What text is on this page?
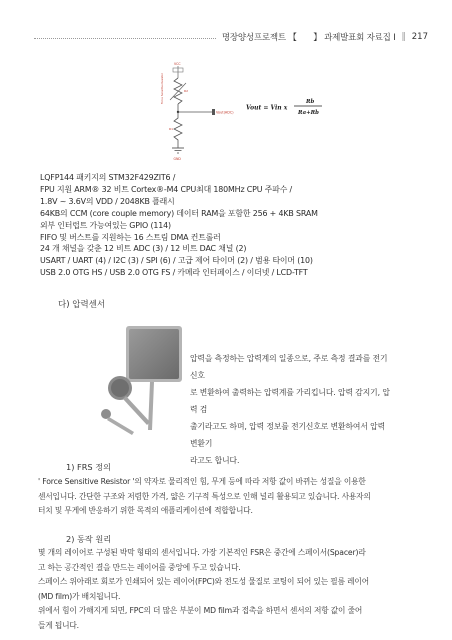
명장양성프로젝트 【　　】 과제발표회 자료집 I ‖ 217
VCC
Force Sensitive Resistor	R2
Vout(ADC)
R1
GND
Vout = Vin x
Rb
Ra+Rb
LQFP144 패키지의 STM32F429ZIT6 /
FPU 지원 ARM® 32 비트 Cortex®-M4 CPU최대 180MHz CPU 주파수 /
1.8V ~ 3.6V의 VDD / 2048KB 플래시
64KB의 CCM (core couple memory) 데이터 RAM을 포함한 256 + 4KB SRAM
외부 인터럽트 가능여있는 GPIO (114)
FIFO 및 버스트를 지원하는 16 스트림 DMA 컨트롤러
24 개 채널을 갖춘 12 비트 ADC (3) / 12 비트 DAC 채널 (2)
USART / UART (4) / I2C (3) / SPI (6) / 고급 제어 타이머 (2) / 범용 타이머 (10)
USB 2.0 OTG HS / USB 2.0 OTG FS / 카메라 인터페이스 / 이더넷 / LCD-TFT
다) 압력센서
압력을 측정하는 압력계의 일종으로, 주로 측정 결과를 전기신호
로 변환하여 출력하는 압력계를 가리킵니다. 압력 감지기, 압력 검
출기라고도 하며, 압력 정보를 전기신호로 변환하여서 압력 변환기
라고도 합니다.
1) FRS 정의
' Force Sensitive Resistor '의 약자로 물리적인 힘, 무게 등에 따라 저항 값이 바뀌는 성질을 이용한
센서입니다. 간단한 구조와 저렴한 가격, 얇은 기구적 특성으로 인해 널리 활용되고 있습니다. 사용자의
터치 및 무게에 반응하기 위한 목적의 애플리케이션에 적합합니다.
2) 동작 원리
몇 개의 레이어로 구성된 박막 형태의 센서입니다. 가장 기본적인 FSR은 중간에 스페이서(Spacer)라
고 하는 공간적인 결을 만드는 레이어를 중앙에 두고 있습니다.
스페이스 위아래로 회로가 인쇄되어 있는 레이어(FPC)와 전도성 물질로 코팅이 되어 있는 필름 레이어
(MD film)가 배치됩니다.
위에서 힘이 가해지게 되면, FPC의 더 많은 부분이 MD film과 접촉을 하면서 센서의 저항 값이 줄어
들게 됩니다.
